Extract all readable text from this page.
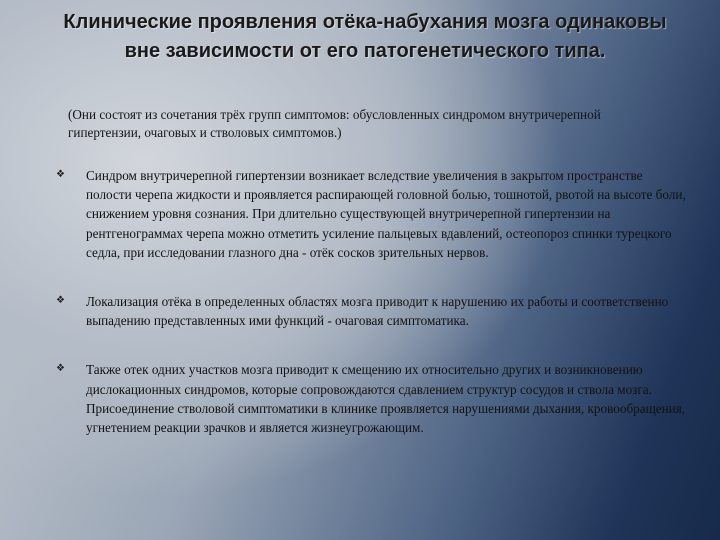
Клинические проявления отёка-набухания мозга одинаковы вне зависимости от его патогенетического типа.
(Они состоят из сочетания трёх групп симптомов: обусловленных синдромом внутричерепной гипертензии, очаговых и стволовых симптомов.)
❖ Синдром внутричерепной гипертензии возникает вследствие увеличения в закрытом пространстве полости черепа жидкости и проявляется распирающей головной болью, тошнотой, рвотой на высоте боли, снижением уровня сознания. При длительно существующей внутричерепной гипертензии на рентгенограммах черепа можно отметить усиление пальцевых вдавлений, остеопороз спинки турецкого седла, при исследовании глазного дна - отёк сосков зрительных нервов.
❖ Локализация отёка в определенных областях мозга приводит к нарушению их работы и соответственно выпадению представленных ими функций - очаговая симптоматика.
❖ Также отек одних участков мозга приводит к смещению их относительно других и возникновению дислокационных синдромов, которые сопровождаются сдавлением структур сосудов и ствола мозга. Присоединение стволовой симптоматики в клинике проявляется нарушениями дыхания, кровообращения, угнетением реакции зрачков и является жизнеугрожающим.
